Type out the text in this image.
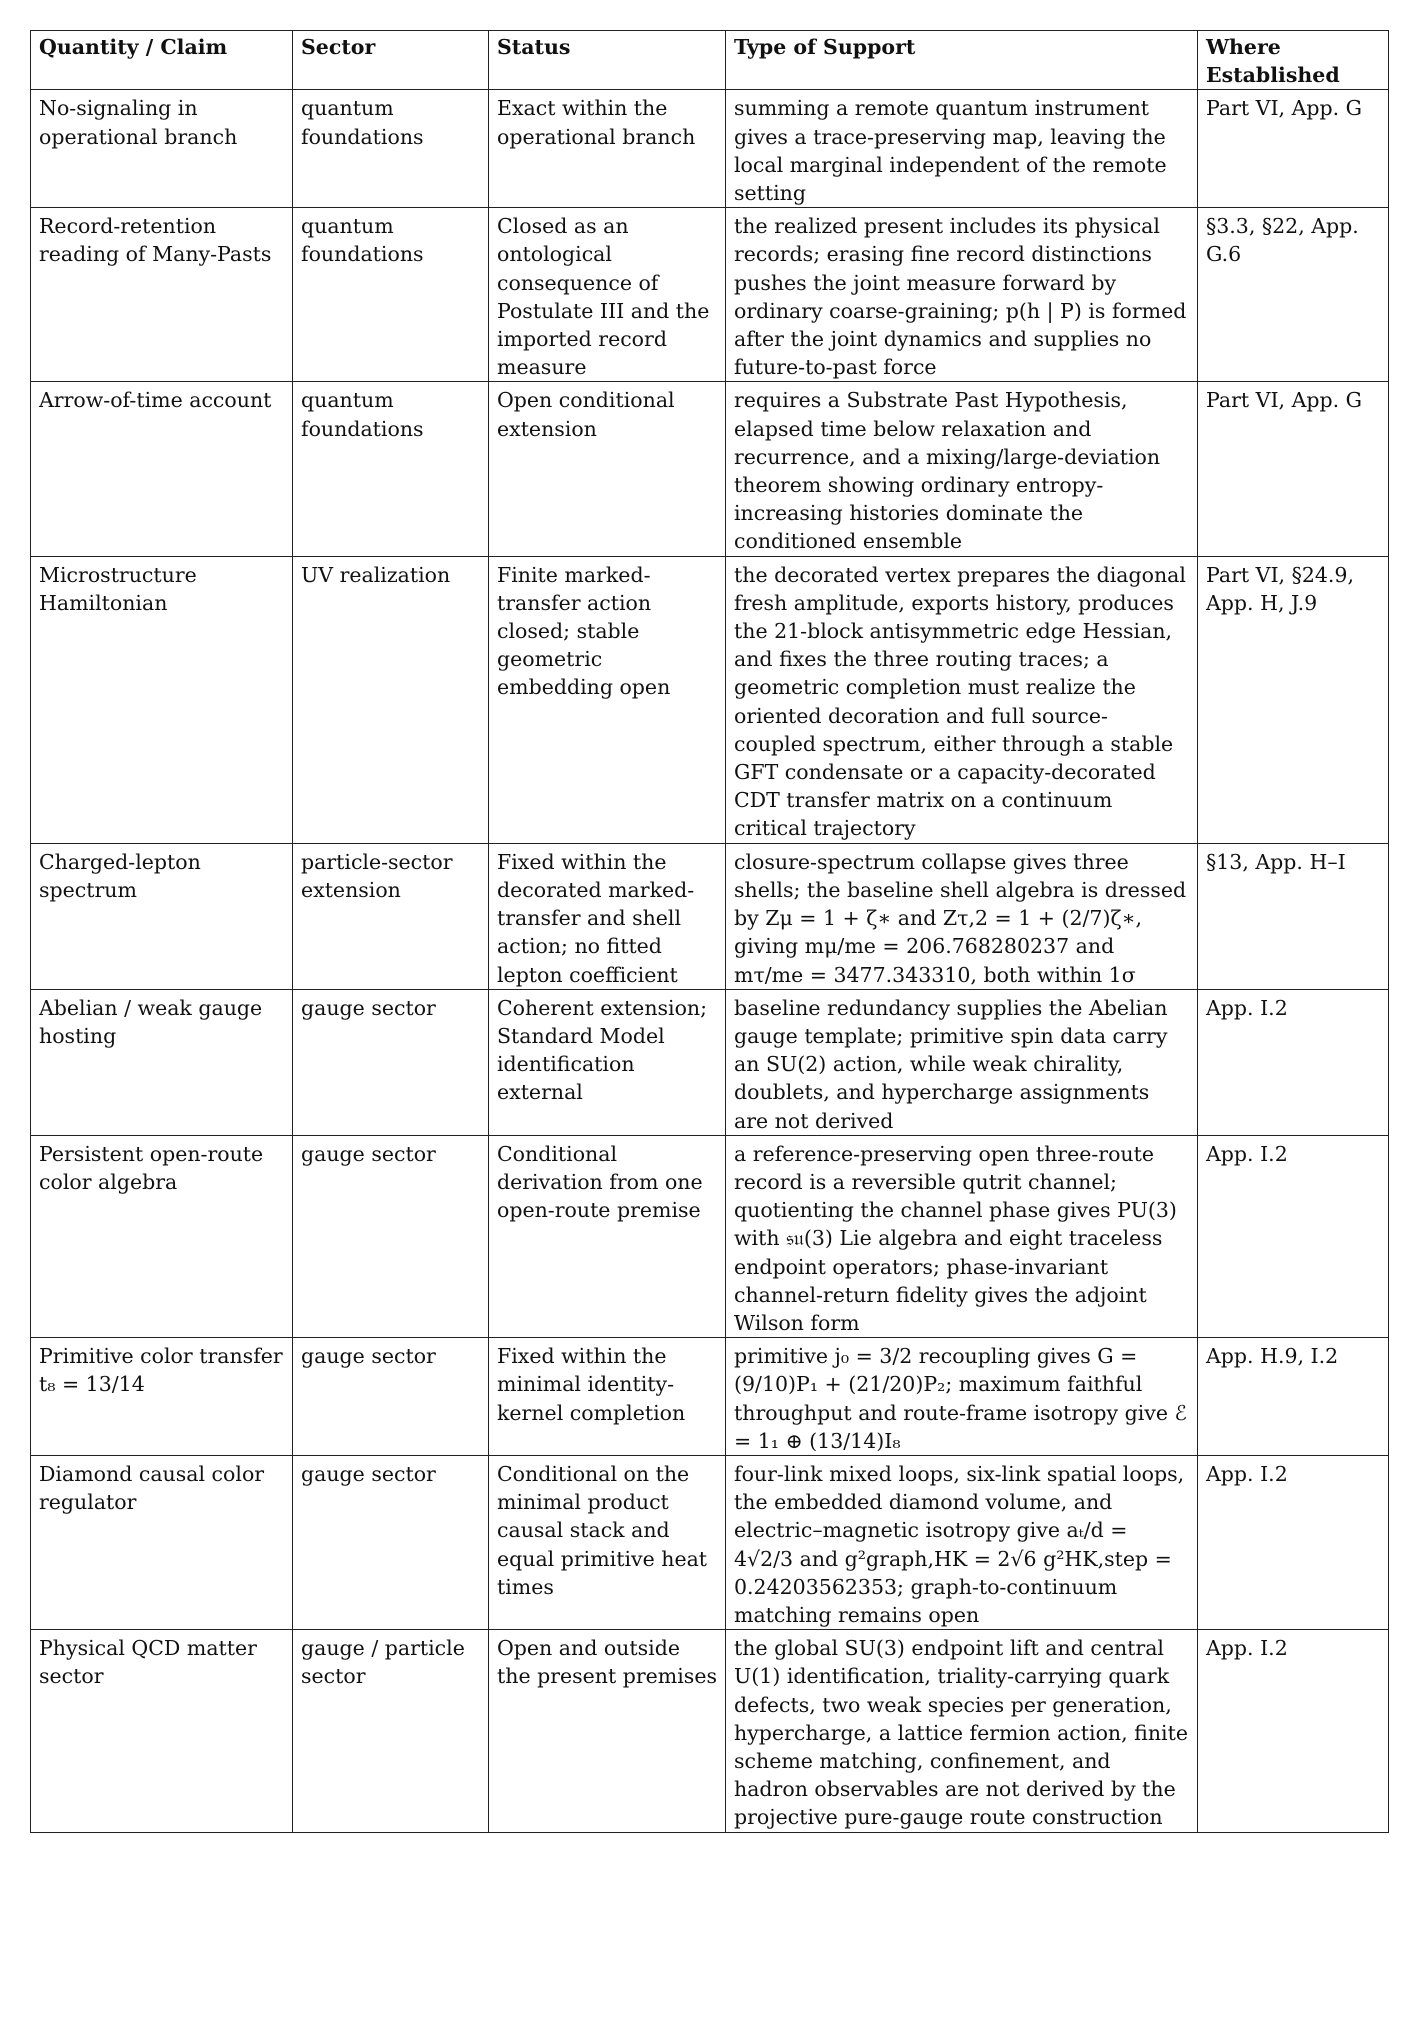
Quantity / Claim	Sector	Status	Type of Support	Where Established
No-signaling in operational branch	quantum foundations	Exact within the operational branch	summing a remote quantum instrument gives a trace-preserving map, leaving the local marginal independent of the remote setting	Part VI, App. G
Record-retention reading of Many-Pasts	quantum foundations	Closed as an ontological consequence of Postulate III and the imported record measure	the realized present includes its physical records; erasing fine record distinctions pushes the joint measure forward by ordinary coarse-graining; p(h | P) is formed after the joint dynamics and supplies no future-to-past force	§3.3, §22, App. G.6
Arrow-of-time account	quantum foundations	Open conditional extension	requires a Substrate Past Hypothesis, elapsed time below relaxation and recurrence, and a mixing/large-deviation theorem showing ordinary entropy-increasing histories dominate the conditioned ensemble	Part VI, App. G
Microstructure Hamiltonian	UV realization	Finite marked-transfer action closed; stable geometric embedding open	the decorated vertex prepares the diagonal fresh amplitude, exports history, produces the 21-block antisymmetric edge Hessian, and fixes the three routing traces; a geometric completion must realize the oriented decoration and full source-coupled spectrum, either through a stable GFT condensate or a capacity-decorated CDT transfer matrix on a continuum critical trajectory	Part VI, §24.9, App. H, J.9
Charged-lepton spectrum	particle-sector extension	Fixed within the decorated marked-transfer and shell action; no fitted lepton coefficient	closure-spectrum collapse gives three shells; the baseline shell algebra is dressed by Zμ = 1 + ζ∗ and Zτ,2 = 1 + (2/7)ζ∗, giving mμ/me = 206.768280237 and mτ/me = 3477.343310, both within 1σ	§13, App. H–I
Abelian / weak gauge hosting	gauge sector	Coherent extension; Standard Model identification external	baseline redundancy supplies the Abelian gauge template; primitive spin data carry an SU(2) action, while weak chirality, doublets, and hypercharge assignments are not derived	App. I.2
Persistent open-route color algebra	gauge sector	Conditional derivation from one open-route premise	a reference-preserving open three-route record is a reversible qutrit channel; quotienting the channel phase gives PU(3) with 𝔰𝔲(3) Lie algebra and eight traceless endpoint operators; phase-invariant channel-return fidelity gives the adjoint Wilson form	App. I.2
Primitive color transfer t₈ = 13/14	gauge sector	Fixed within the minimal identity-kernel completion	primitive j₀ = 3/2 recoupling gives G = (9/10)P₁ + (21/20)P₂; maximum faithful throughput and route-frame isotropy give ℰ = 1₁ ⊕ (13/14)I₈	App. H.9, I.2
Diamond causal color regulator	gauge sector	Conditional on the minimal product causal stack and equal primitive heat times	four-link mixed loops, six-link spatial loops, the embedded diamond volume, and electric–magnetic isotropy give aₜ/d = 4√2/3 and g²graph,HK = 2√6 g²HK,step = 0.24203562353; graph-to-continuum matching remains open	App. I.2
Physical QCD matter sector	gauge / particle sector	Open and outside the present premises	the global SU(3) endpoint lift and central U(1) identification, triality-carrying quark defects, two weak species per generation, hypercharge, a lattice fermion action, finite scheme matching, confinement, and hadron observables are not derived by the projective pure-gauge route construction	App. I.2
